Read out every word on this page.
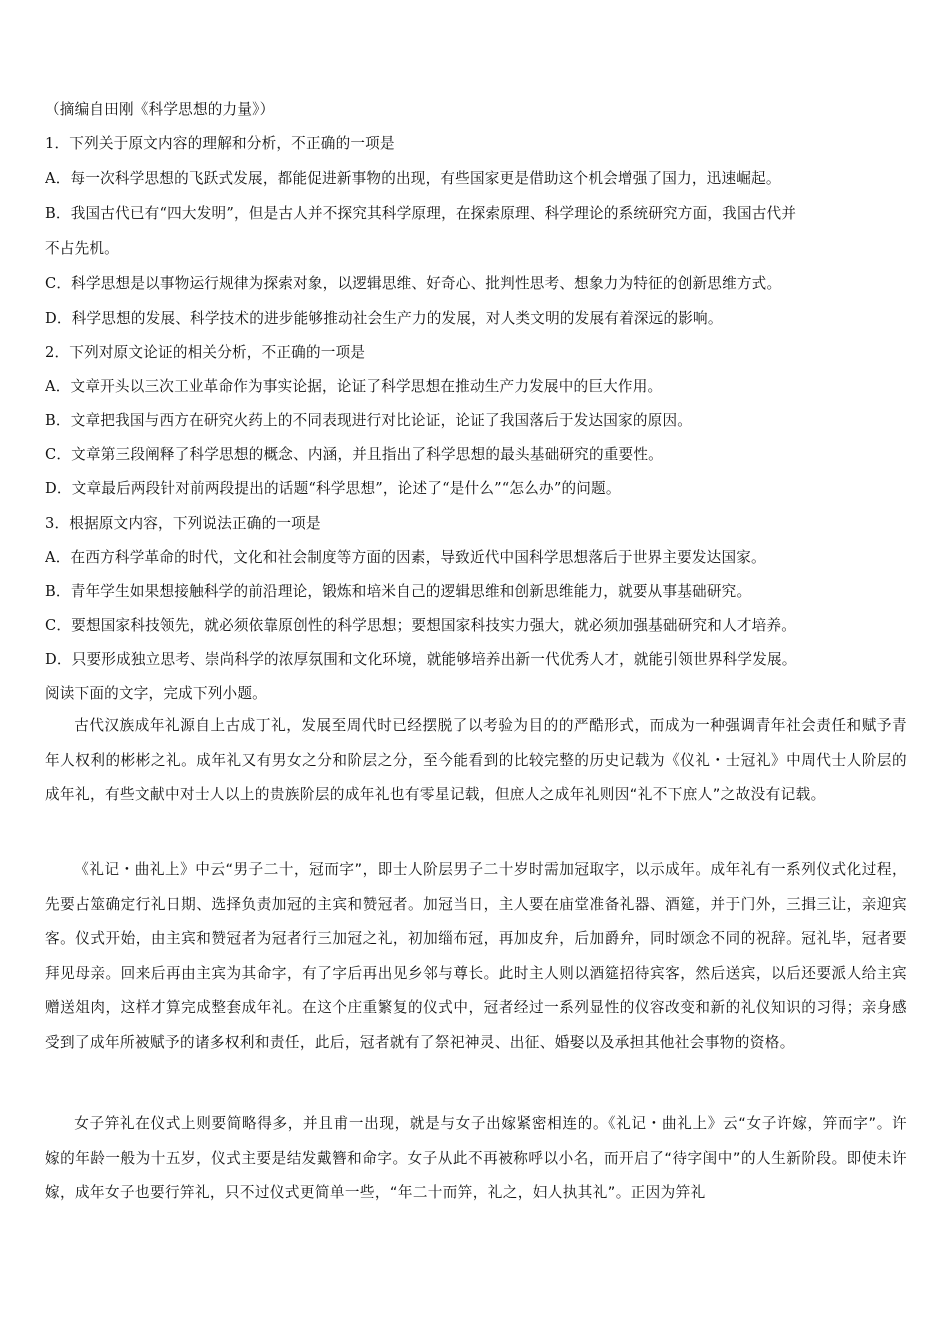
（摘编自田刚《科学思想的力量》）
1．下列关于原文内容的理解和分析，不正确的一项是
A．每一次科学思想的飞跃式发展，都能促进新事物的出现，有些国家更是借助这个机会增强了国力，迅速崛起。
B．我国古代已有“四大发明”，但是古人并不探究其科学原理，在探索原理、科学理论的系统研究方面，我国古代并
不占先机。
C．科学思想是以事物运行规律为探索对象，以逻辑思维、好奇心、批判性思考、想象力为特征的创新思维方式。
D．科学思想的发展、科学技术的进步能够推动社会生产力的发展，对人类文明的发展有着深远的影响。
2．下列对原文论证的相关分析，不正确的一项是
A．文章开头以三次工业革命作为事实论据，论证了科学思想在推动生产力发展中的巨大作用。
B．文章把我国与西方在研究火药上的不同表现进行对比论证，论证了我国落后于发达国家的原因。
C．文章第三段阐释了科学思想的概念、内涵，并且指出了科学思想的最头基础研究的重要性。
D．文章最后两段针对前两段提出的话题“科学思想”，论述了“是什么”“怎么办”的问题。
3．根据原文内容，下列说法正确的一项是
A．在西方科学革命的时代，文化和社会制度等方面的因素，导致近代中国科学思想落后于世界主要发达国家。
B．青年学生如果想接触科学的前沿理论，锻炼和培米自己的逻辑思维和创新思维能力，就要从事基础研究。
C．要想国家科技领先，就必须依靠原创性的科学思想；要想国家科技实力强大，就必须加强基础研究和人才培养。
D．只要形成独立思考、崇尚科学的浓厚氛围和文化环境，就能够培养出新一代优秀人才，就能引领世界科学发展。
阅读下面的文字，完成下列小题。
古代汉族成年礼源自上古成丁礼，发展至周代时已经摆脱了以考验为目的的严酷形式，而成为一种强调青年社会责任和赋予青年人权利的彬彬之礼。成年礼又有男女之分和阶层之分，至今能看到的比较完整的历史记载为《仪礼・士冠礼》中周代士人阶层的成年礼，有些文献中对士人以上的贵族阶层的成年礼也有零星记载，但庶人之成年礼则因“礼不下庶人”之故没有记载。
《礼记・曲礼上》中云“男子二十，冠而字”，即士人阶层男子二十岁时需加冠取字，以示成年。成年礼有一系列仪式化过程，先要占筮确定行礼日期、选择负责加冠的主宾和赞冠者。加冠当日，主人要在庙堂准备礼器、酒筵，并于门外，三揖三让，亲迎宾客。仪式开始，由主宾和赞冠者为冠者行三加冠之礼，初加缁布冠，再加皮弁，后加爵弁，同时颂念不同的祝辞。冠礼毕，冠者要拜见母亲。回来后再由主宾为其命字，有了字后再出见乡邻与尊长。此时主人则以酒筵招待宾客，然后送宾，以后还要派人给主宾赠送俎肉，这样才算完成整套成年礼。在这个庄重繁复的仪式中，冠者经过一系列显性的仪容改变和新的礼仪知识的习得；亲身感受到了成年所被赋予的诸多权利和责任，此后，冠者就有了祭祀神灵、出征、婚娶以及承担其他社会事物的资格。
女子笄礼在仪式上则要简略得多，并且甫一出现，就是与女子出嫁紧密相连的。《礼记・曲礼上》云“女子许嫁，笄而字”。许嫁的年龄一般为十五岁，仪式主要是结发戴簪和命字。女子从此不再被称呼以小名，而开启了“待字闺中”的人生新阶段。即使未许嫁，成年女子也要行笄礼，只不过仪式更简单一些，“年二十而笄，礼之，妇人执其礼”。正因为笄礼
